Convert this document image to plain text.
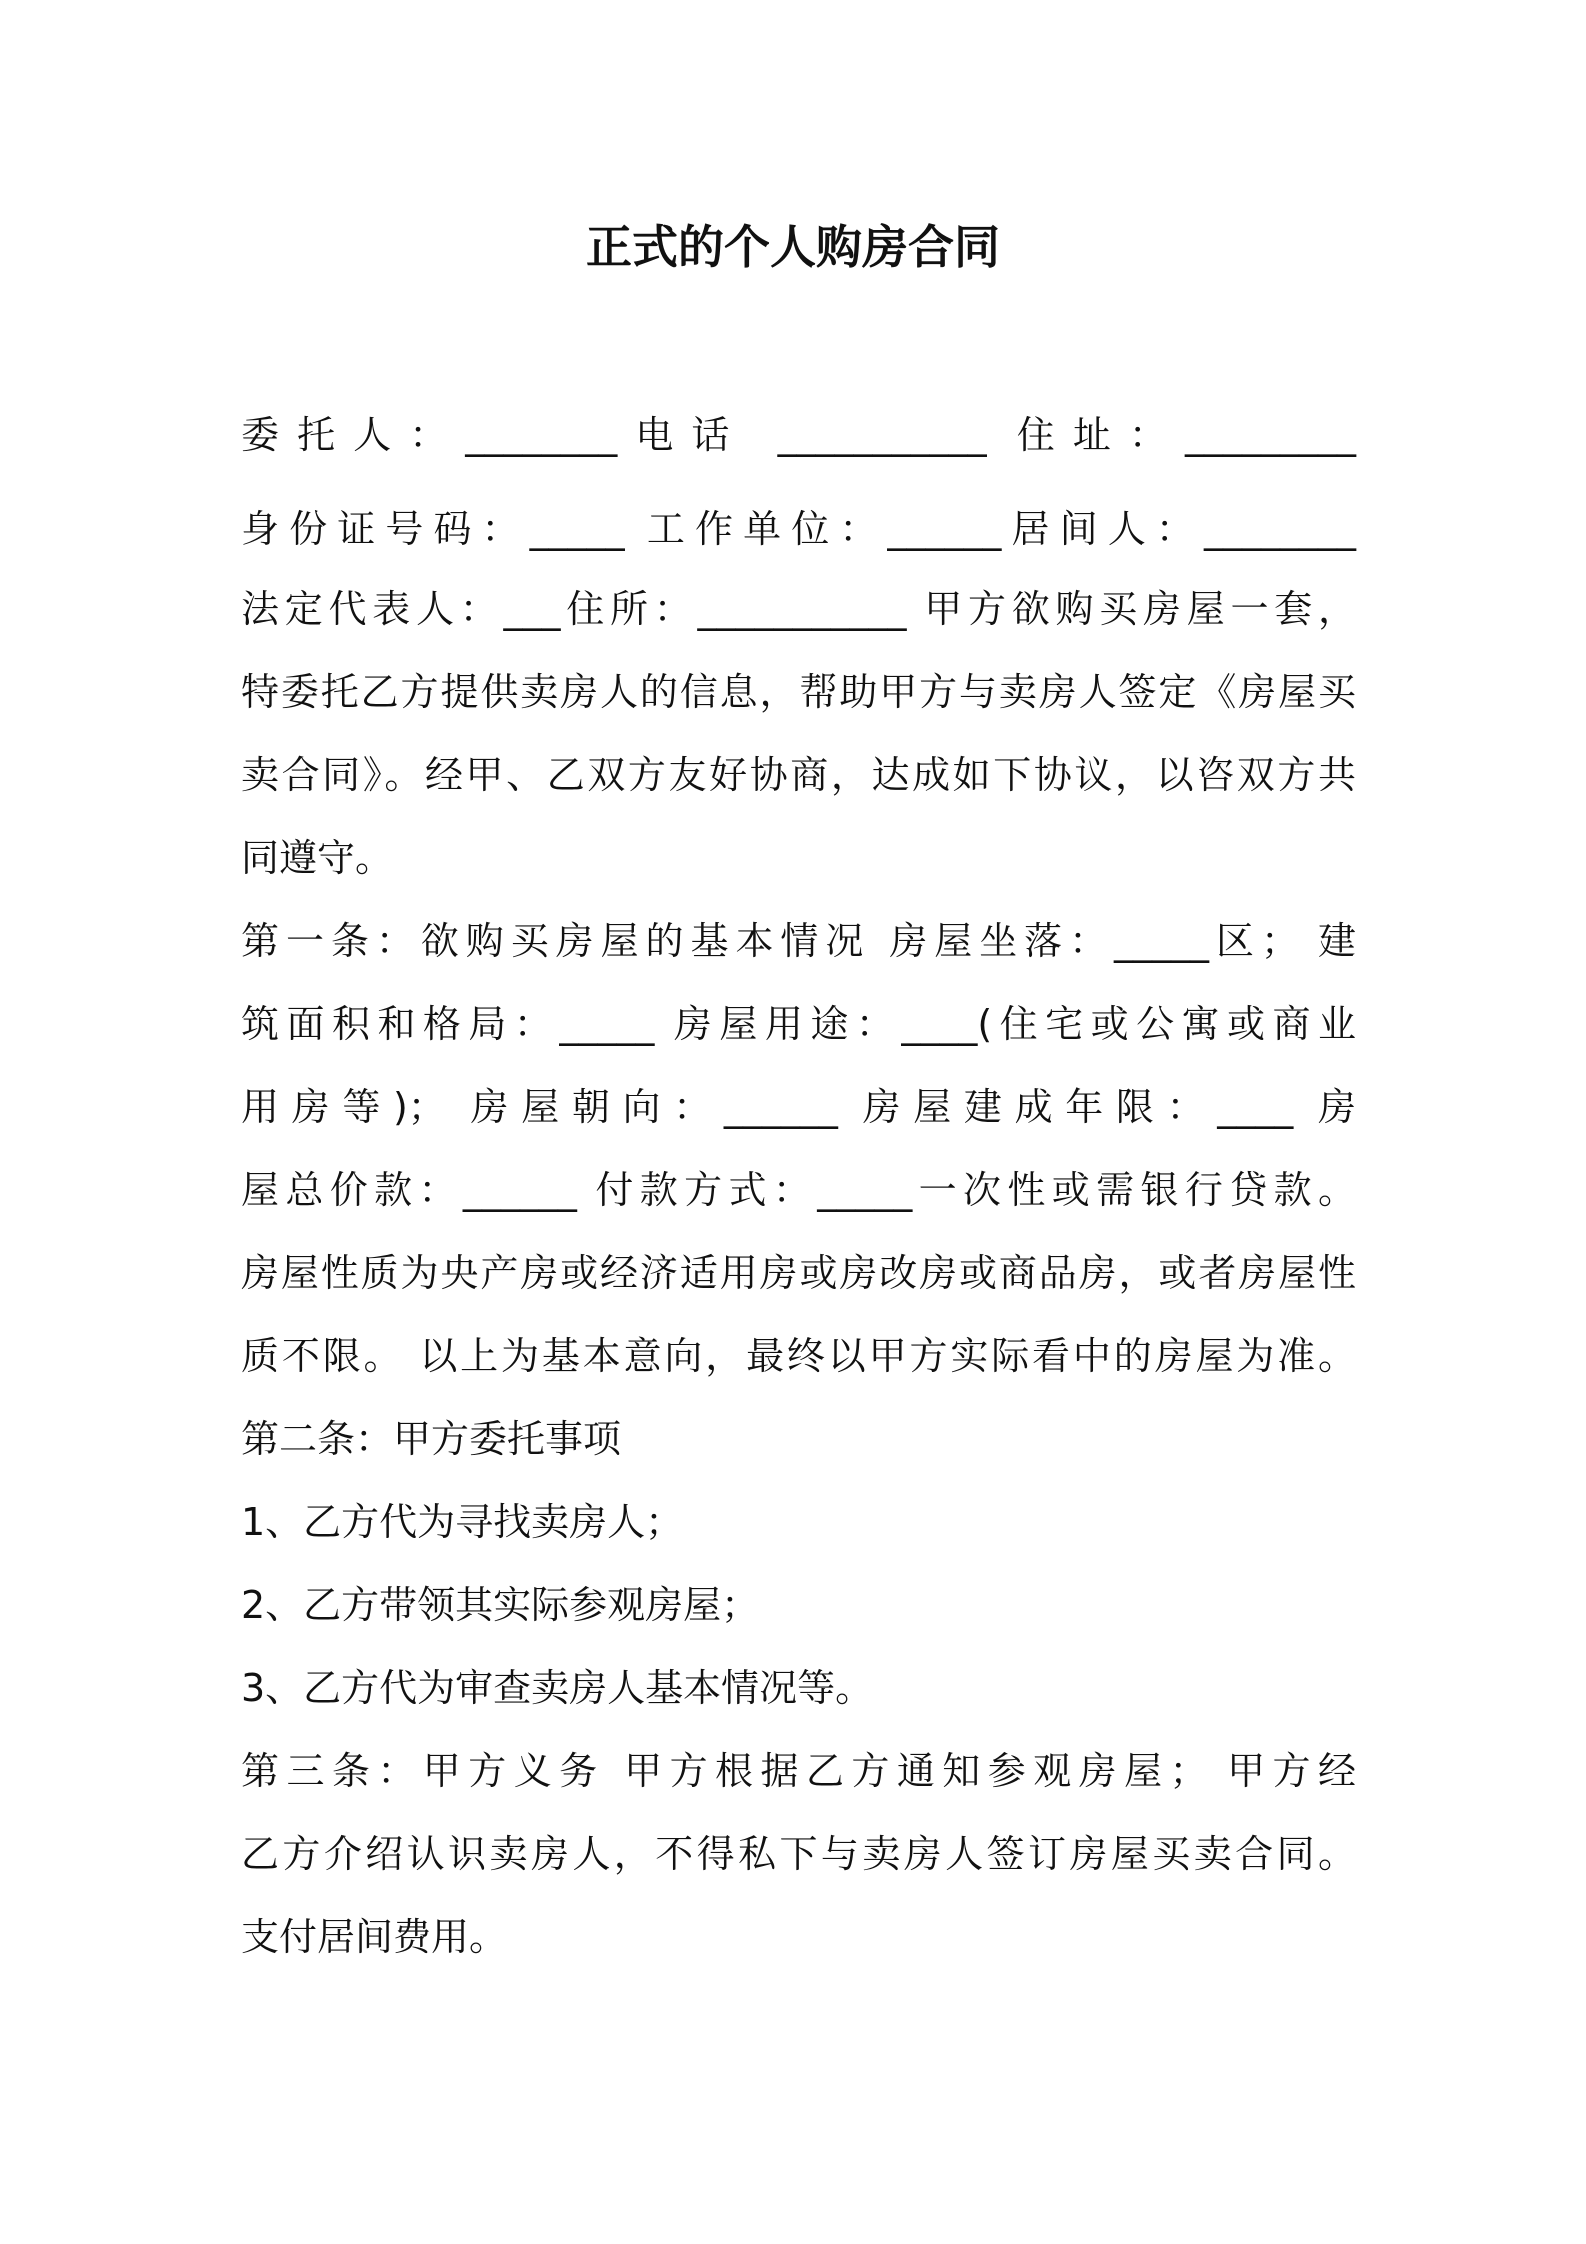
正式的个人购房合同

委托人：________电话 ___________ 住址：_________

身份证号码：_____ 工作单位：______居间人：________

法定代表人：___住所：___________ 甲方欲购买房屋一套，

特委托乙方提供卖房人的信息，帮助甲方与卖房人签定《房屋买

卖合同》。经甲、乙双方友好协商，达成如下协议，以咨双方共

同遵守。

第一条：欲购买房屋的基本情况 房屋坐落：_____区； 建

筑面积和格局：_____ 房屋用途：____(住宅或公寓或商业

用房等)； 房屋朝向：______ 房屋建成年限：____ 房

屋总价款：______ 付款方式：_____一次性或需银行贷款。

房屋性质为央产房或经济适用房或房改房或商品房，或者房屋性

质不限。 以上为基本意向，最终以甲方实际看中的房屋为准。

第二条：甲方委托事项

1、乙方代为寻找卖房人；

2、乙方带领其实际参观房屋；

3、乙方代为审查卖房人基本情况等。

第三条：甲方义务 甲方根据乙方通知参观房屋； 甲方经

乙方介绍认识卖房人，不得私下与卖房人签订房屋买卖合同。

支付居间费用。
